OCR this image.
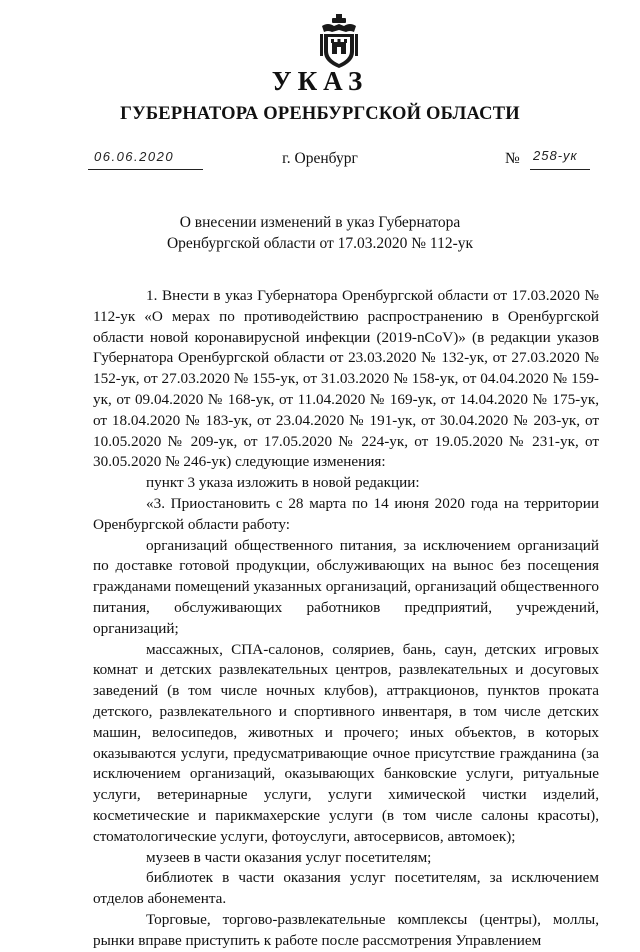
УКАЗ
ГУБЕРНАТОРА ОРЕНБУРГСКОЙ ОБЛАСТИ
06.06.2020	г. Оренбург	№ 258-ук
О внесении изменений в указ Губернатора
Оренбургской области от 17.03.2020 № 112-ук

1. Внести в указ Губернатора Оренбургской области от 17.03.2020 № 112-ук «О мерах по противодействию распространению в Оренбургской области новой коронавирусной инфекции (2019-nCoV)» (в редакции указов Губернатора Оренбургской области от 23.03.2020 № 132-ук, от 27.03.2020 № 152-ук, от 27.03.2020 № 155-ук, от 31.03.2020 № 158-ук, от 04.04.2020 № 159-ук, от 09.04.2020 № 168-ук, от 11.04.2020 № 169-ук, от 14.04.2020 № 175-ук, от 18.04.2020 № 183-ук, от 23.04.2020 № 191-ук, от 30.04.2020 № 203-ук, от 10.05.2020 № 209-ук, от 17.05.2020 № 224-ук, от 19.05.2020 № 231-ук, от 30.05.2020 № 246-ук) следующие изменения:

пункт 3 указа изложить в новой редакции:

«3. Приостановить с 28 марта по 14 июня 2020 года на территории Оренбургской области работу:

организаций общественного питания, за исключением организаций по доставке готовой продукции, обслуживающих на вынос без посещения гражданами помещений указанных организаций, организаций общественного питания, обслуживающих работников предприятий, учреждений, организаций;

массажных, СПА-салонов, соляриев, бань, саун, детских игровых комнат и детских развлекательных центров, развлекательных и досуговых заведений (в том числе ночных клубов), аттракционов, пунктов проката детского, развлекательного и спортивного инвентаря, в том числе детских машин, велосипедов, животных и прочего; иных объектов, в которых оказываются услуги, предусматривающие очное присутствие гражданина (за исключением организаций, оказывающих банковские услуги, ритуальные услуги, ветеринарные услуги, услуги химической чистки изделий, косметические и парикмахерские услуги (в том числе салоны красоты), стоматологические услуги, фотоуслуги, автосервисов, автомоек);

музеев в части оказания услуг посетителям;

библиотек в части оказания услуг посетителям, за исключением отделов абонемента.

Торговые, торгово-развлекательные комплексы (центры), моллы, рынки вправе приступить к работе после рассмотрения Управлением
